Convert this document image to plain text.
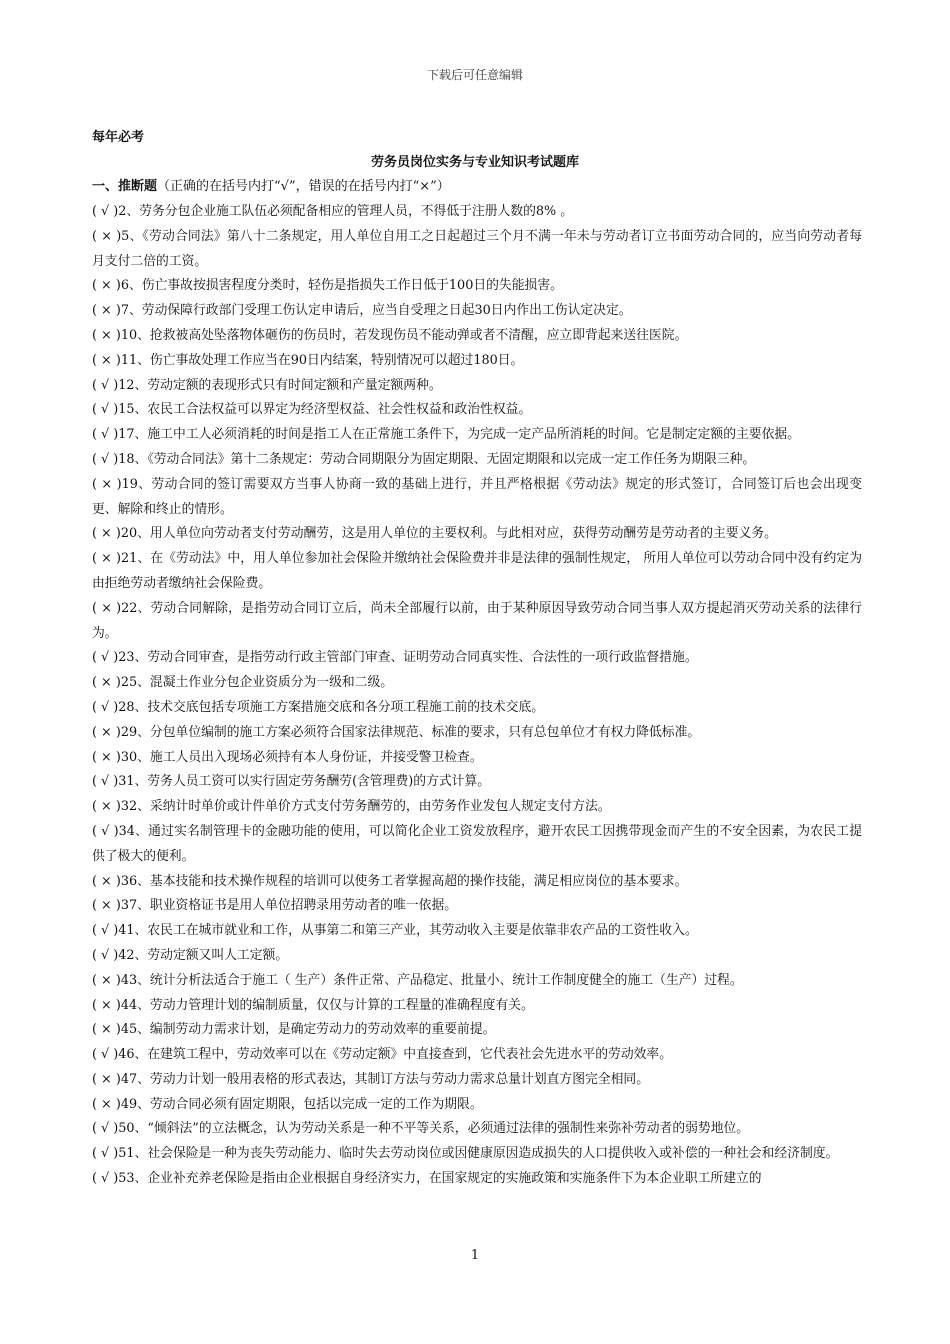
下载后可任意编辑
每年必考
劳务员岗位实务与专业知识考试题库
一、推断题（正确的在括号内打“√”，错误的在括号内打“×”）
( √ )2、劳务分包企业施工队伍必须配备相应的管理人员，不得低于注册人数的8% 。
( × )5、《劳动合同法》第八十二条规定，用人单位自用工之日起超过三个月不满一年未与劳动者订立书面劳动合同的，应当向劳动者每月支付二倍的工资。
( × )6、伤亡事故按损害程度分类时，轻伤是指损失工作日低于100日的失能损害。
( × )7、劳动保障行政部门受理工伤认定申请后，应当自受理之日起30日内作出工伤认定决定。
( × )10、抢救被高处坠落物体砸伤的伤员时，若发现伤员不能动弹或者不清醒，应立即背起来送往医院。
( × )11、伤亡事故处理工作应当在90日内结案，特别情况可以超过180日。
( √ )12、劳动定额的表现形式只有时间定额和产量定额两种。
( √ )15、农民工合法权益可以界定为经济型权益、社会性权益和政治性权益。
( √ )17、施工中工人必须消耗的时间是指工人在正常施工条件下，为完成一定产品所消耗的时间。它是制定定额的主要依据。
( √ )18、《劳动合同法》第十二条规定：劳动合同期限分为固定期限、无固定期限和以完成一定工作任务为期限三种。
( × )19、劳动合同的签订需要双方当事人协商一致的基础上进行，并且严格根据《劳动法》规定的形式签订，合同签订后也会出现变更、解除和终止的情形。
( × )20、用人单位向劳动者支付劳动酬劳，这是用人单位的主要权利。与此相对应，获得劳动酬劳是劳动者的主要义务。
( × )21、在《劳动法》中，用人单位参加社会保险并缴纳社会保险费并非是法律的强制性规定， 所用人单位可以劳动合同中没有约定为由拒绝劳动者缴纳社会保险费。
( × )22、劳动合同解除，是指劳动合同订立后，尚未全部履行以前，由于某种原因导致劳动合同当事人双方提起消灭劳动关系的法律行为。
( √ )23、劳动合同审查，是指劳动行政主管部门审查、证明劳动合同真实性、合法性的一项行政监督措施。
( × )25、混凝土作业分包企业资质分为一级和二级。
( √ )28、技术交底包括专项施工方案措施交底和各分项工程施工前的技术交底。
( × )29、分包单位编制的施工方案必须符合国家法律规范、标准的要求，只有总包单位才有权力降低标准。
( × )30、施工人员出入现场必须持有本人身份证，并接受警卫检查。
( √ )31、劳务人员工资可以实行固定劳务酬劳(含管理费)的方式计算。
( × )32、采纳计时单价或计件单价方式支付劳务酬劳的，由劳务作业发包人规定支付方法。
( √ )34、通过实名制管理卡的金融功能的使用，可以简化企业工资发放程序，避开农民工因携带现金而产生的不安全因素，为农民工提供了极大的便利。
( × )36、基本技能和技术操作规程的培训可以使务工者掌握高超的操作技能，满足相应岗位的基本要求。
( × )37、职业资格证书是用人单位招聘录用劳动者的唯一依据。
( √ )41、农民工在城市就业和工作，从事第二和第三产业，其劳动收入主要是依靠非农产品的工资性收入。
( √ )42、劳动定额又叫人工定额。
( × )43、统计分析法适合于施工（ 生产）条件正常、产品稳定、批量小、统计工作制度健全的施工（生产）过程。
( × )44、劳动力管理计划的编制质量，仅仅与计算的工程量的准确程度有关。
( × )45、编制劳动力需求计划，是确定劳动力的劳动效率的重要前提。
( √ )46、在建筑工程中，劳动效率可以在《劳动定额》中直接查到，它代表社会先进水平的劳动效率。
( × )47、劳动力计划一般用表格的形式表达，其制订方法与劳动力需求总量计划直方图完全相同。
( × )49、劳动合同必须有固定期限，包括以完成一定的工作为期限。
( √ )50、“倾斜法”的立法概念，认为劳动关系是一种不平等关系，必须通过法律的强制性来弥补劳动者的弱势地位。
( √ )51、社会保险是一种为丧失劳动能力、临时失去劳动岗位或因健康原因造成损失的人口提供收入或补偿的一种社会和经济制度。
( √ )53、企业补充养老保险是指由企业根据自身经济实力，在国家规定的实施政策和实施条件下为本企业职工所建立的
1
